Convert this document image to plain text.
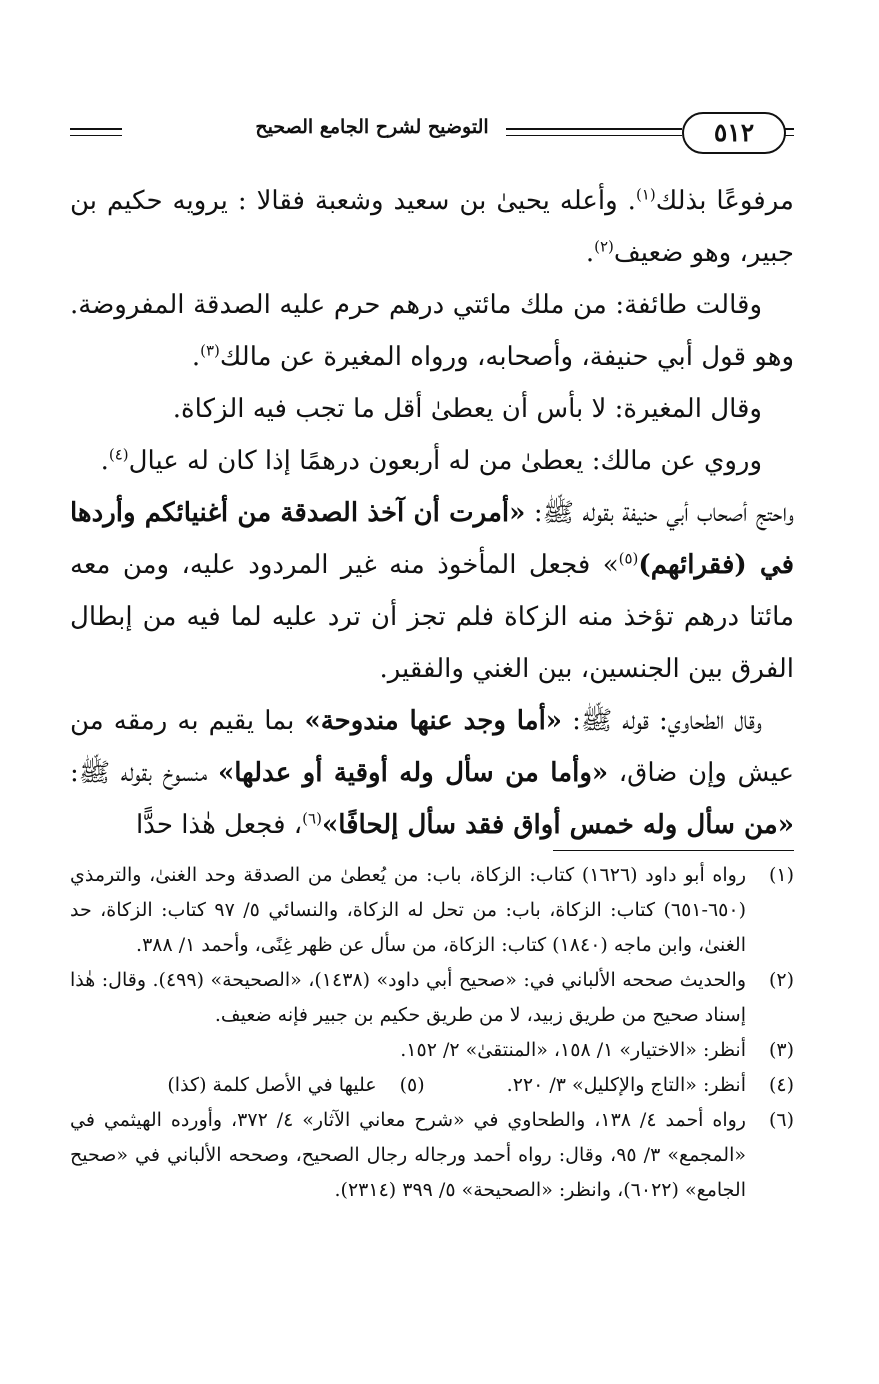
التوضيح لشرح الجامع الصحيح	٥١٢

مرفوعًا بذلك$^{(١)}$. وأعله يحيىٰ بن سعيد وشعبة فقالا : يرويه حكيم بن جبير، وهو ضعيف$^{(٢)}$.

وقالت طائفة: من ملك مائتي درهم حرم عليه الصدقة المفروضة. وهو قول أبي حنيفة، وأصحابه، ورواه المغيرة عن مالك$^{(٣)}$.

وقال المغيرة: لا بأس أن يعطىٰ أقل ما تجب فيه الزكاة.

وروي عن مالك: يعطىٰ من له أربعون درهمًا إذا كان له عيال$^{(٤)}$.

واحتج أصحاب أبي حنيفة بقوله ﷺ: «أمرت أن آخذ الصدقة من أغنيائكم وأردها في (فقرائهم)$^{(٥)}$» فجعل المأخوذ منه غير المردود عليه، ومن معه مائتا درهم تؤخذ منه الزكاة فلم تجز أن ترد عليه لما فيه من إبطال الفرق بين الجنسين، بين الغني والفقير.

وقال الطحاوي: قوله ﷺ: «أما وجد عنها مندوحة» بما يقيم به رمقه من عيش وإن ضاق، «وأما من سأل وله أوقية أو عدلها» منسوخ بقوله ﷺ: «من سأل وله خمس أواق فقد سأل إلحافًا»$^{(٦)}$، فجعل هٰذا حدًّا

(١)
رواه أبو داود (١٦٢٦) كتاب: الزكاة، باب: من يُعطىٰ من الصدقة وحد الغنىٰ، والترمذي (٦٥٠-٦٥١) كتاب: الزكاة، باب: من تحل له الزكاة، والنسائي ٥/ ٩٧ كتاب: الزكاة، حد الغنىٰ، وابن ماجه (١٨٤٠) كتاب: الزكاة، من سأل عن ظهر غِنًى، وأحمد ١/ ٣٨٨.
(٢)
والحديث صححه الألباني في: «صحيح أبي داود» (١٤٣٨)، «الصحيحة» (٤٩٩). وقال: هٰذا إسناد صحيح من طريق زبيد، لا من طريق حكيم بن جبير فإنه ضعيف.
(٣)
أنظر: «الاختيار» ١/ ١٥٨، «المنتقىٰ» ٢/ ١٥٢.
(٤)
أنظر: «التاج والإكليل» ٣/ ٢٢٠.
(٥)
عليها في الأصل كلمة (كذا)
(٦)
رواه أحمد ٤/ ١٣٨، والطحاوي في «شرح معاني الآثار» ٤/ ٣٧٢، وأورده الهيثمي في «المجمع» ٣/ ٩٥، وقال: رواه أحمد ورجاله رجال الصحيح، وصححه الألباني في «صحيح الجامع» (٦٠٢٢)، وانظر: «الصحيحة» ٥/ ٣٩٩ (٢٣١٤).
